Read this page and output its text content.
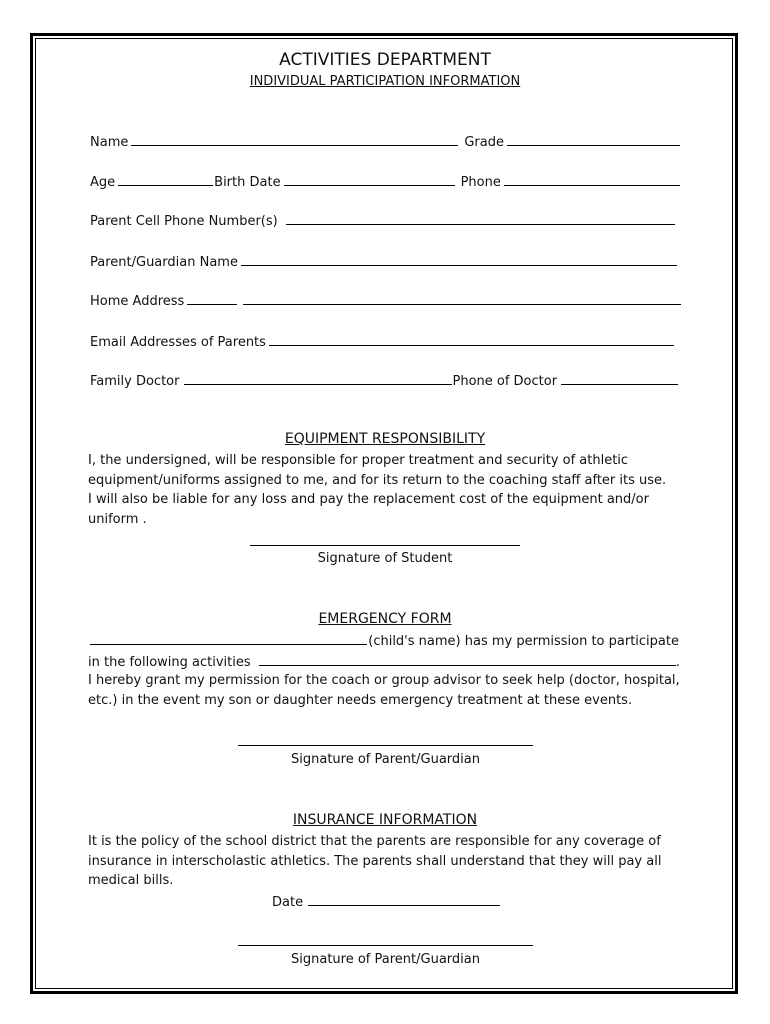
ACTIVITIES DEPARTMENT
INDIVIDUAL PARTICIPATION INFORMATION
Name	Grade
Age	Birth Date	Phone
Parent Cell Phone Number(s)
Parent/Guardian Name
Home Address
Email Addresses of Parents
Family Doctor	Phone of Doctor
EQUIPMENT RESPONSIBILITY
I, the undersigned, will be responsible for proper treatment and security of athletic
equipment/uniforms assigned to me, and for its return to the coaching staff after its use.
I will also be liable for any loss and pay the replacement cost of the equipment and/or
uniform .
Signature of Student
EMERGENCY FORM
(child's name) has my permission to participate
in the following activities	.
I hereby grant my permission for the coach or group advisor to seek help (doctor, hospital,
etc.) in the event my son or daughter needs emergency treatment at these events.
Signature of Parent/Guardian
INSURANCE INFORMATION
It is the policy of the school district that the parents are responsible for any coverage of
insurance in interscholastic athletics. The parents shall understand that they will pay all
medical bills.
Date
Signature of Parent/Guardian
